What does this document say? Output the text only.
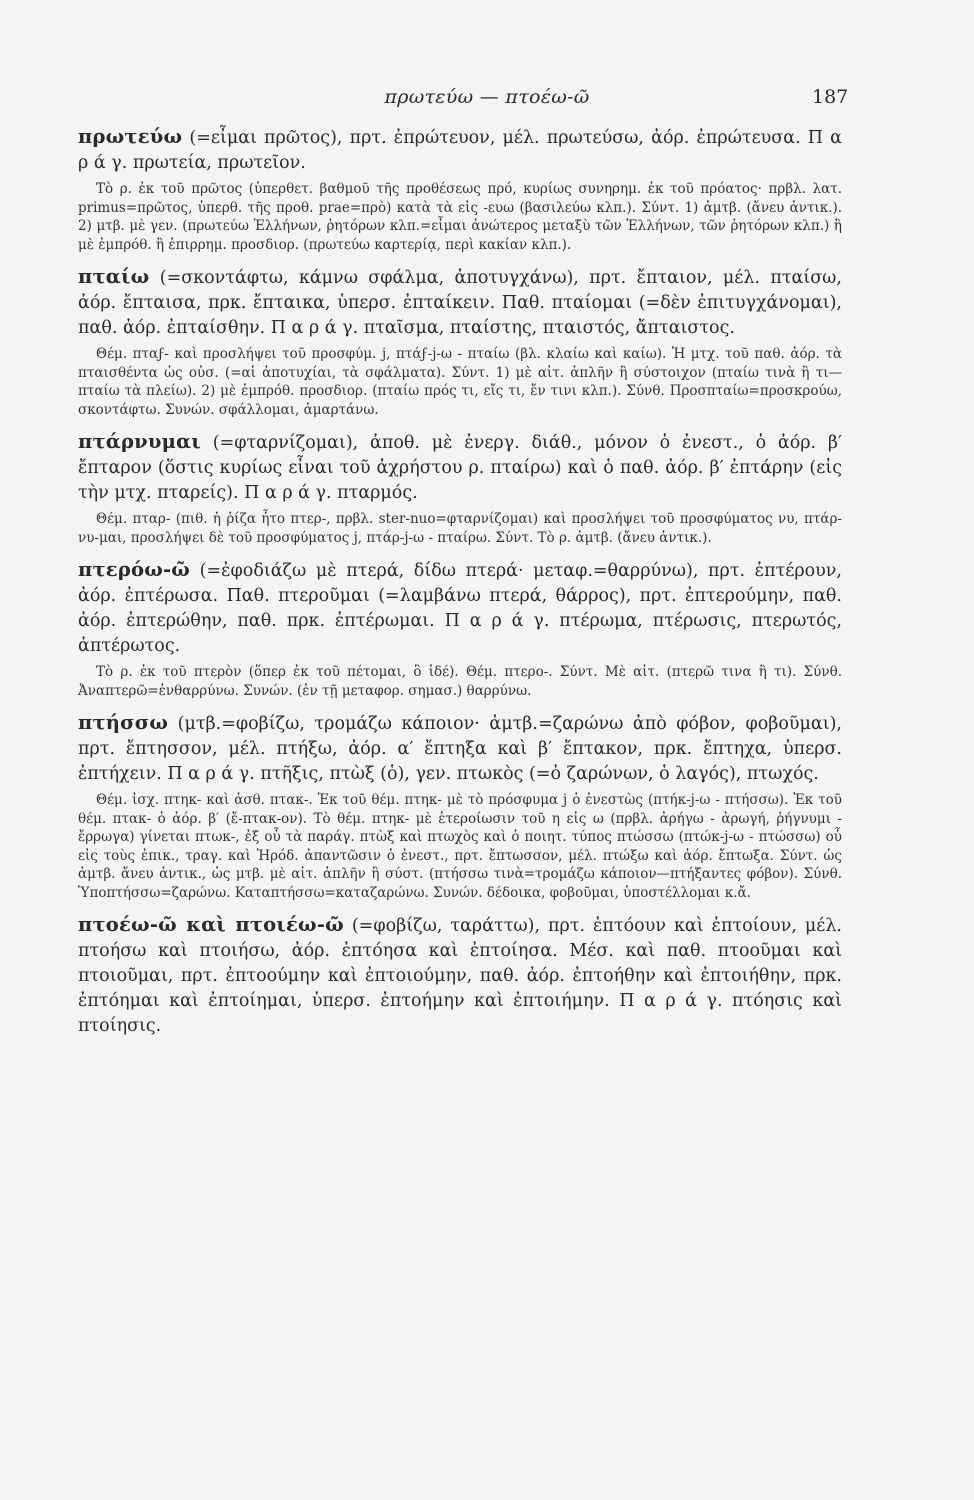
πρωτεύω — πτοέω-ῶ	187

πρωτεύω (=εἶμαι πρῶτος), πρτ. ἐπρώτευον, μέλ. πρωτεύσω, ἀόρ. ἐπρώτευσα. Π α ρ ά γ. πρωτεία, πρωτεῖον.

Τὸ ρ. ἐκ τοῦ πρῶτος (ὑπερθετ. βαθμοῦ τῆς προθέσεως πρό, κυρίως συνηρημ. ἐκ τοῦ πρόατος· πρβλ. λατ. primus=πρῶτος, ὑπερθ. τῆς προθ. prae=πρὸ) κατὰ τὰ εἰς -ευω (βασιλεύω κλπ.). Σύντ. 1) ἀμτβ. (ἄνευ ἀντικ.). 2) μτβ. μὲ γεν. (πρωτεύω Ἑλλήνων, ῥητόρων κλπ.=εἶμαι ἀνώτερος μεταξὺ τῶν Ἑλλήνων, τῶν ῥητόρων κλπ.) ἢ μὲ ἐμπρόθ. ἢ ἐπιρρημ. προσδιορ. (πρωτεύω καρτερίᾳ, περὶ κακίαν κλπ.).

πταίω (=σκοντάφτω, κάμνω σφάλμα, ἀποτυγχάνω), πρτ. ἔπταιον, μέλ. πταίσω, ἀόρ. ἔπταισα, πρκ. ἔπταικα, ὑπερσ. ἐπταίκειν. Παθ. πταίομαι (=δὲν ἐπιτυγχάνομαι), παθ. ἀόρ. ἐπταίσθην. Π α ρ ά γ. πταῖσμα, πταίστης, πταιστός, ἄπταιστος.

Θέμ. πταϝ- καὶ προσλήψει τοῦ προσφύμ. j, πτάϝ-j-ω - πταίω (βλ. κλαίω καὶ καίω). Ἡ μτχ. τοῦ παθ. ἀόρ. τὰ πταισθέντα ὡς οὐσ. (=αἱ ἀποτυχίαι, τὰ σφάλματα). Σύντ. 1) μὲ αἰτ. ἁπλῆν ἢ σύστοιχον (πταίω τινὰ ἢ τι—πταίω τὰ πλείω). 2) μὲ ἐμπρόθ. προσδιορ. (πταίω πρός τι, εἴς τι, ἔν τινι κλπ.). Σύνθ. Προσπταίω=προσκρούω, σκοντάφτω. Συνών. σφάλλομαι, ἁμαρτάνω.

πτάρνυμαι (=φταρνίζομαι), ἀποθ. μὲ ἐνεργ. διάθ., μόνον ὁ ἐνεστ., ὁ ἀόρ. β′ ἔπταρον (ὅστις κυρίως εἶναι τοῦ ἀχρήστου ρ. πταίρω) καὶ ὁ παθ. ἀόρ. β′ ἐπτάρην (εἰς τὴν μτχ. πταρείς). Π α ρ ά γ. πταρμός.

Θέμ. πταρ- (πιθ. ἡ ῥίζα ἦτο πτερ-, πρβλ. ster-nuo=φταρνίζομαι) καὶ προσλήψει τοῦ προσφύματος νυ, πτάρ-νυ-μαι, προσλήψει δὲ τοῦ προσφύματος j, πτάρ-j-ω - πταίρω. Σύντ. Τὸ ρ. ἀμτβ. (ἄνευ ἀντικ.).

πτερόω-ῶ (=ἐφοδιάζω μὲ πτερά, δίδω πτερά· μεταφ.=θαρρύνω), πρτ. ἐπτέρουν, ἀόρ. ἐπτέρωσα. Παθ. πτεροῦμαι (=λαμβάνω πτερά, θάρρος), πρτ. ἐπτερούμην, παθ. ἀόρ. ἐπτερώθην, παθ. πρκ. ἐπτέρωμαι. Π α ρ ά γ. πτέρωμα, πτέρωσις, πτερωτός, ἀπτέρωτος.

Τὸ ρ. ἐκ τοῦ πτερὸν (ὅπερ ἐκ τοῦ πέτομαι, ὃ ἰδέ). Θέμ. πτερο-. Σύντ. Μὲ αἰτ. (πτερῶ τινα ἢ τι). Σύνθ. Ἀναπτερῶ=ἐνθαρρύνω. Συνών. (ἐν τῇ μεταφορ. σημασ.) θαρρύνω.

πτήσσω (μτβ.=φοβίζω, τρομάζω κάποιον· ἀμτβ.=ζαρώνω ἀπὸ φόβον, φοβοῦμαι), πρτ. ἔπτησσον, μέλ. πτήξω, ἀόρ. α′ ἔπτηξα καὶ β′ ἔπτακον, πρκ. ἔπτηχα, ὑπερσ. ἐπτήχειν. Π α ρ ά γ. πτῆξις, πτὼξ (ὁ), γεν. πτωκὸς (=ὁ ζαρώνων, ὁ λαγός), πτωχός.

Θέμ. ἰσχ. πτηκ- καὶ ἀσθ. πτακ-. Ἐκ τοῦ θέμ. πτηκ- μὲ τὸ πρόσφυμα j ὁ ἐνεστὼς (πτήκ-j-ω - πτήσσω). Ἐκ τοῦ θέμ. πτακ- ὁ ἀόρ. β′ (ἔ-πτακ-ον). Τὸ θέμ. πτηκ- μὲ ἑτεροίωσιν τοῦ η εἰς ω (πρβλ. ἀρήγω - ἀρωγή, ῥήγνυμι - ἔρρωγα) γίνεται πτωκ-, ἐξ οὗ τὰ παράγ. πτὼξ καὶ πτωχὸς καὶ ὁ ποιητ. τύπος πτώσσω (πτώκ-j-ω - πτώσσω) οὗ εἰς τοὺς ἐπικ., τραγ. καὶ Ἡρόδ. ἀπαντῶσιν ὁ ἐνεστ., πρτ. ἔπτωσσον, μέλ. πτώξω καὶ ἀόρ. ἔπτωξα. Σύντ. ὡς ἀμτβ. ἄνευ ἀντικ., ὡς μτβ. μὲ αἰτ. ἁπλῆν ἢ σύστ. (πτήσσω τινὰ=τρομάζω κάποιον—πτήξαντες φόβον). Σύνθ. Ὑποπτήσσω=ζαρώνω. Καταπτήσσω=καταζαρώνω. Συνών. δέδοικα, φοβοῦμαι, ὑποστέλλομαι κ.ἄ.

πτοέω-ῶ καὶ πτοιέω-ῶ (=φοβίζω, ταράττω), πρτ. ἐπτόουν καὶ ἐπτοίουν, μέλ. πτοήσω καὶ πτοιήσω, ἀόρ. ἐπτόησα καὶ ἐπτοίησα. Μέσ. καὶ παθ. πτοοῦμαι καὶ πτοιοῦμαι, πρτ. ἐπτοούμην καὶ ἐπτοιούμην, παθ. ἀόρ. ἐπτοήθην καὶ ἐπτοιήθην, πρκ. ἐπτόημαι καὶ ἐπτοίημαι, ὑπερσ. ἐπτοήμην καὶ ἐπτοιήμην. Π α ρ ά γ. πτόησις καὶ πτοίησις.
